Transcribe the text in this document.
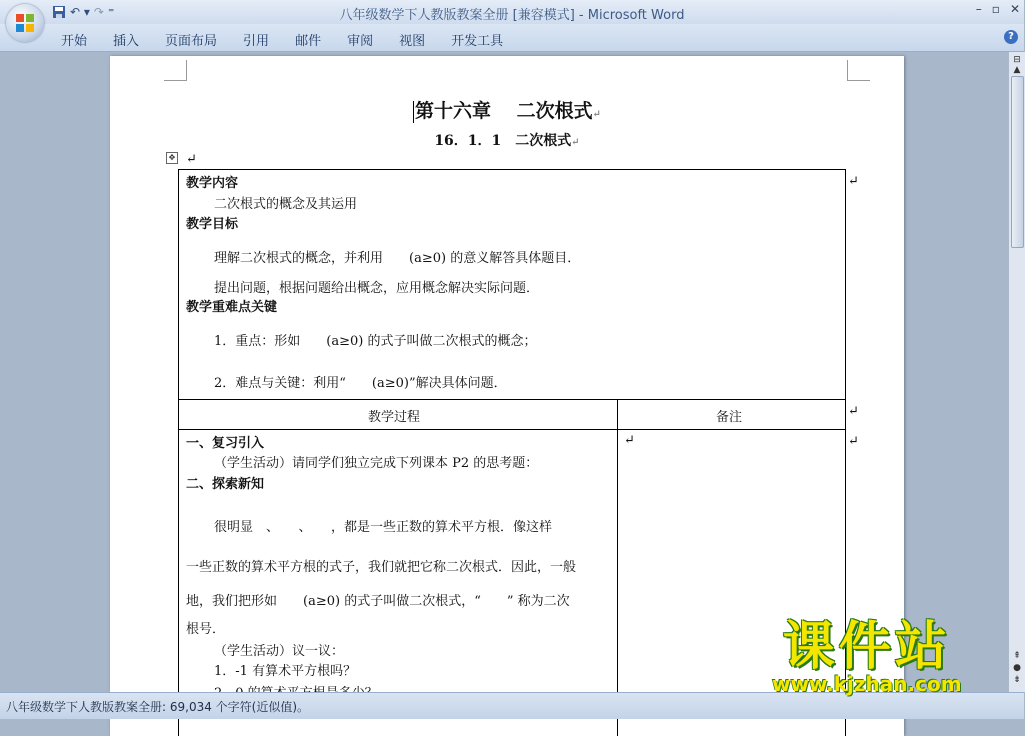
↶ ▾ ↷ ⁼	八年级数学下人教版教案全册 [兼容模式] - Microsoft Word	– ▫ ✕
开始	插入	页面布局	引用	邮件	审阅	视图	开发工具	?
第十六章　 二次根式↵
16．1．1　二次根式↵
✥ ↵
↵
↵
↵
教学内容
二次根式的概念及其运用
教学目标
理解二次根式的概念，并利用　　(a≥0) 的意义解答具体题目．
提出问题，根据问题给出概念，应用概念解决实际问题．
教学重难点关键
1．重点：形如　　(a≥0) 的式子叫做二次根式的概念；
2．难点与关键：利用“　　(a≥0)”解决具体问题．
教学过程	备注
一、复习引入
（学生活动）请同学们独立完成下列课本 P2 的思考题：
二、探索新知
很明显　、　　、　　，都是一些正数的算术平方根．像这样
一些正数的算术平方根的式子，我们就把它称二次根式．因此，一般
地，我们把形如　　(a≥0) 的式子叫做二次根式，“　　” 称为二次
根号．
（学生活动）议一议：
1．-1 有算术平方根吗？
↵
⊟
▲
⇞
●
⇟
八年级数学下人教版教案全册: 69,034 个字符(近似值)。
课件站
www.kjzhan.com
